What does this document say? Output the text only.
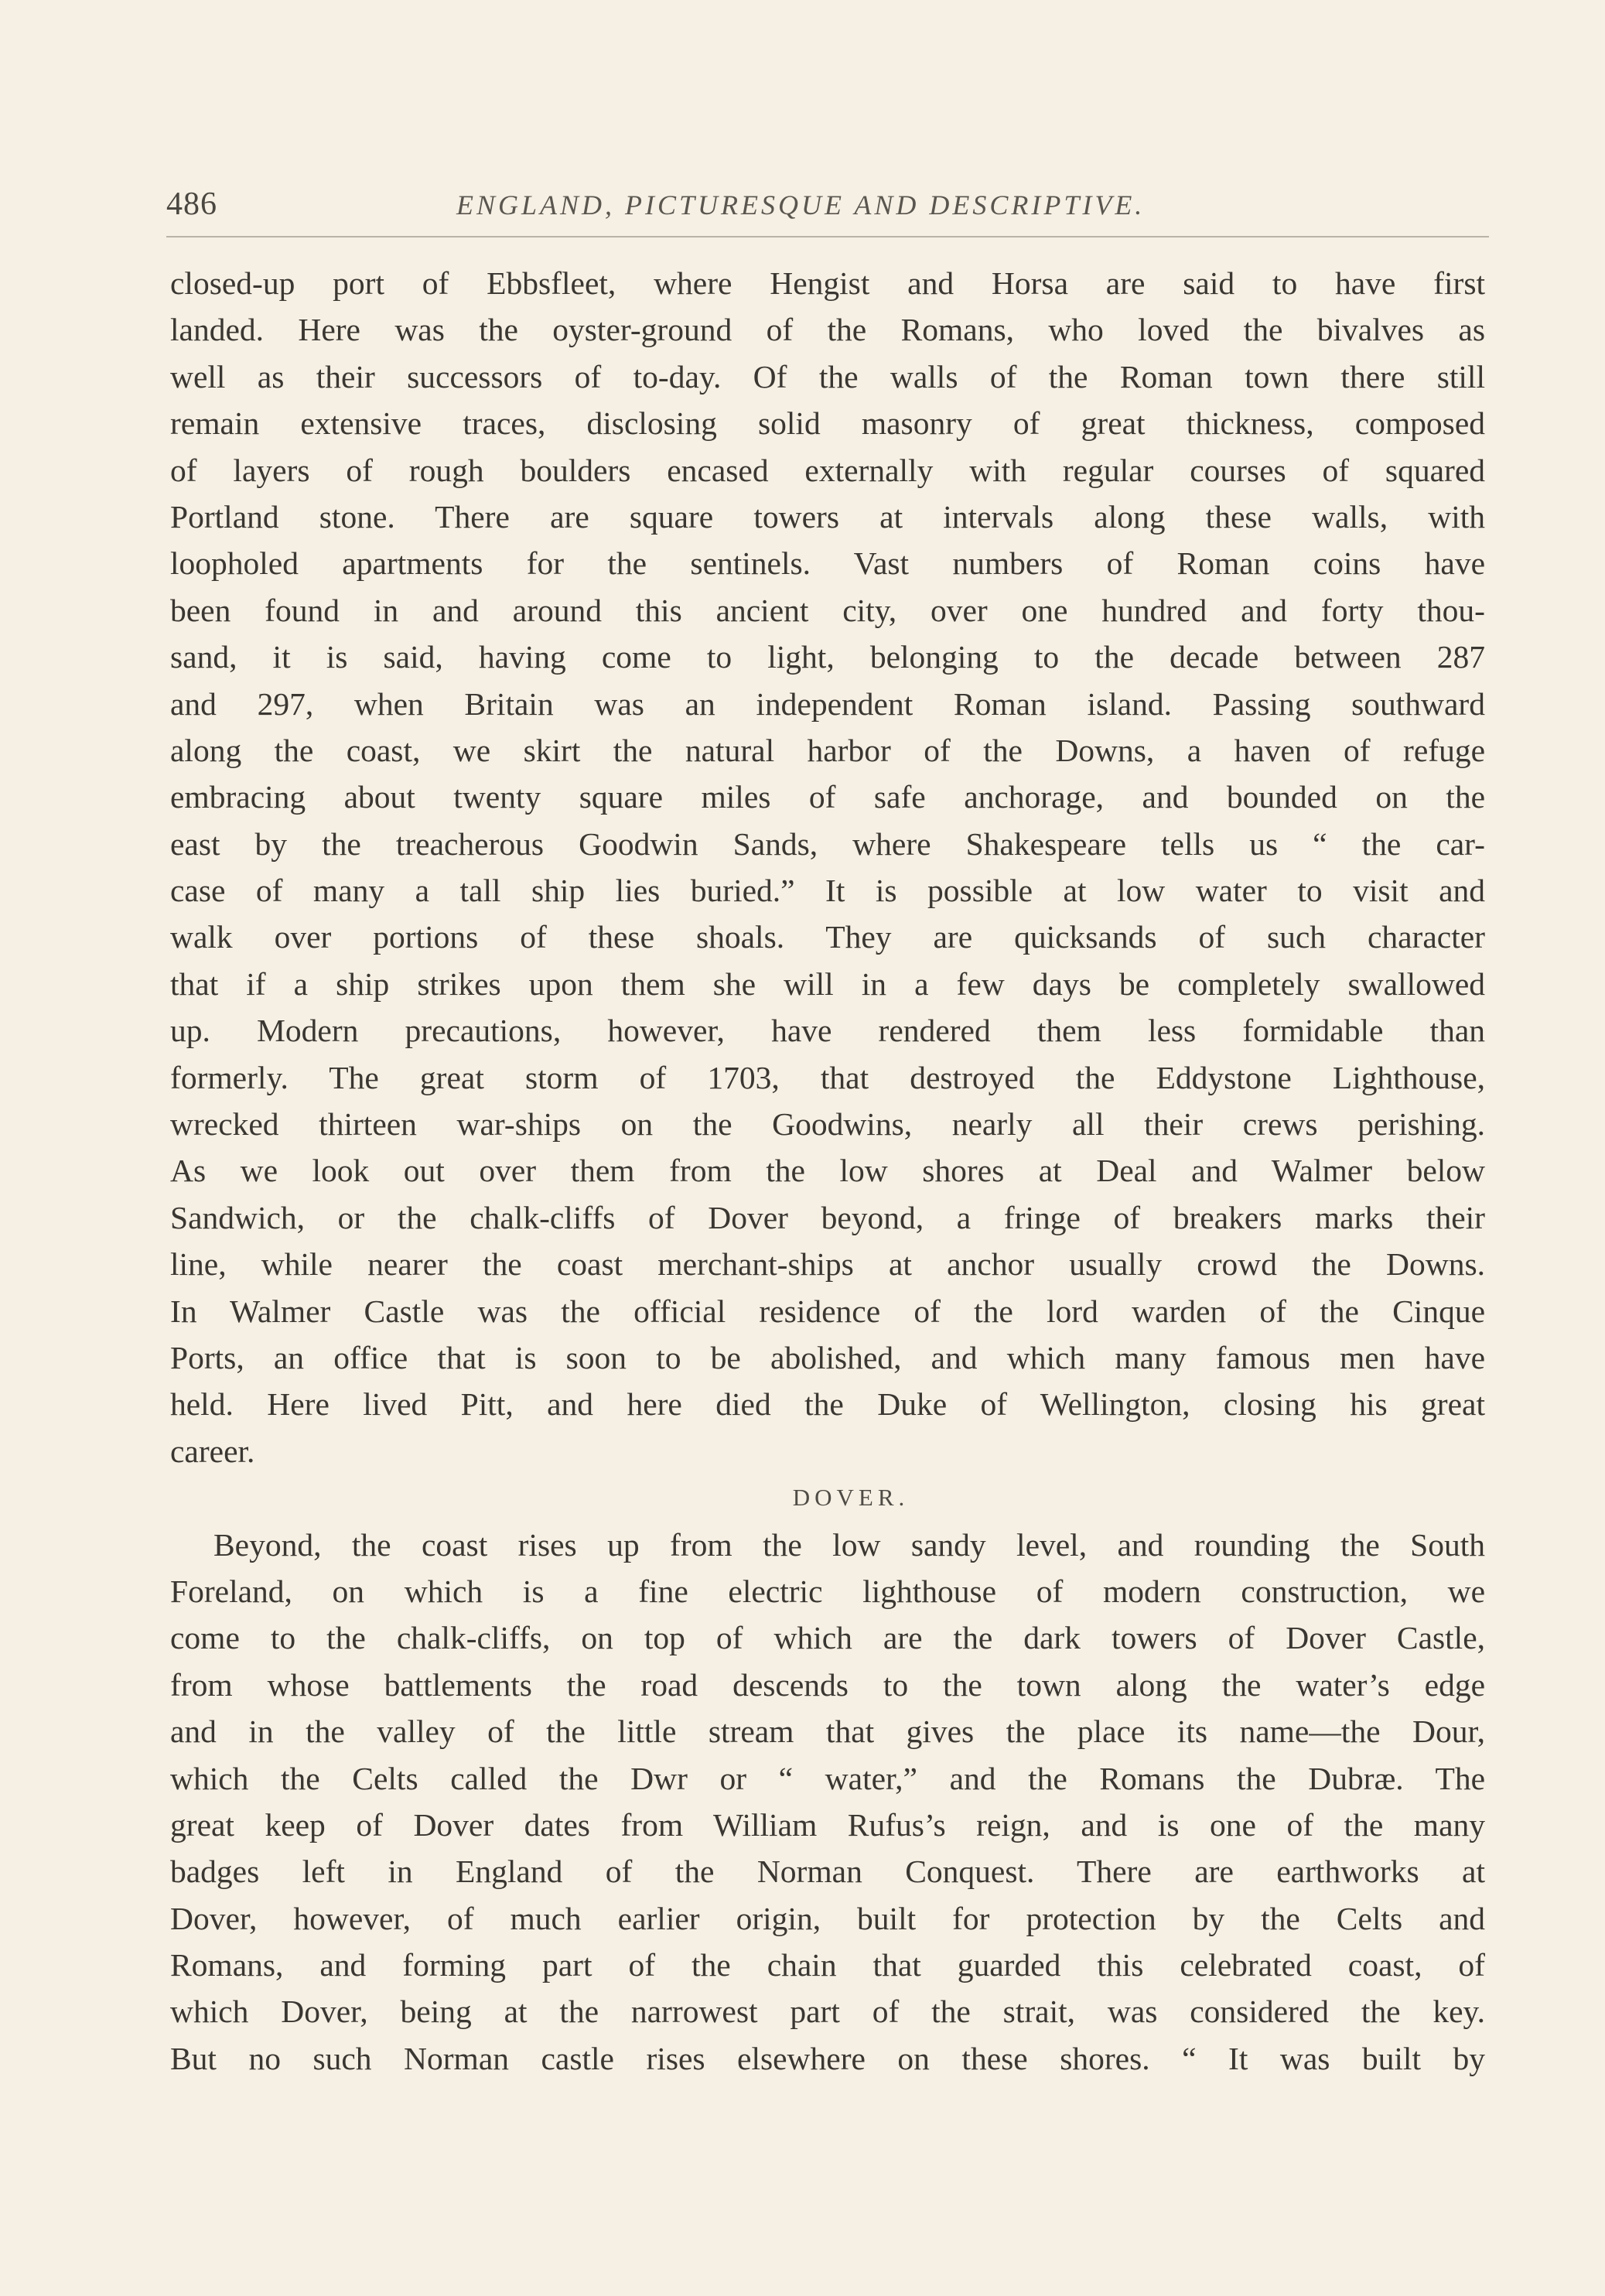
486	ENGLAND, PICTURESQUE AND DESCRIPTIVE.
closed-up port of Ebbsfleet, where Hengist and Horsa are said to have first
landed. Here was the oyster-ground of the Romans, who loved the bivalves as
well as their successors of to-day. Of the walls of the Roman town there still
remain extensive traces, disclosing solid masonry of great thickness, composed
of layers of rough boulders encased externally with regular courses of squared
Portland stone. There are square towers at intervals along these walls, with
loopholed apartments for the sentinels. Vast numbers of Roman coins have
been found in and around this ancient city, over one hundred and forty thou-
sand, it is said, having come to light, belonging to the decade between 287
and 297, when Britain was an independent Roman island. Passing southward
along the coast, we skirt the natural harbor of the Downs, a haven of refuge
embracing about twenty square miles of safe anchorage, and bounded on the
east by the treacherous Goodwin Sands, where Shakespeare tells us “ the car-
case of many a tall ship lies buried.” It is possible at low water to visit and
walk over portions of these shoals. They are quicksands of such character
that if a ship strikes upon them she will in a few days be completely swallowed
up. Modern precautions, however, have rendered them less formidable than
formerly. The great storm of 1703, that destroyed the Eddystone Lighthouse,
wrecked thirteen war-ships on the Goodwins, nearly all their crews perishing.
As we look out over them from the low shores at Deal and Walmer below
Sandwich, or the chalk-cliffs of Dover beyond, a fringe of breakers marks their
line, while nearer the coast merchant-ships at anchor usually crowd the Downs.
In Walmer Castle was the official residence of the lord warden of the Cinque
Ports, an office that is soon to be abolished, and which many famous men have
held. Here lived Pitt, and here died the Duke of Wellington, closing his great
career.
DOVER.
Beyond, the coast rises up from the low sandy level, and rounding the South
Foreland, on which is a fine electric lighthouse of modern construction, we
come to the chalk-cliffs, on top of which are the dark towers of Dover Castle,
from whose battlements the road descends to the town along the water’s edge
and in the valley of the little stream that gives the place its name—the Dour,
which the Celts called the Dwr or “ water,” and the Romans the Dubræ. The
great keep of Dover dates from William Rufus’s reign, and is one of the many
badges left in England of the Norman Conquest. There are earthworks at
Dover, however, of much earlier origin, built for protection by the Celts and
Romans, and forming part of the chain that guarded this celebrated coast, of
which Dover, being at the narrowest part of the strait, was considered the key.
But no such Norman castle rises elsewhere on these shores. “ It was built by
